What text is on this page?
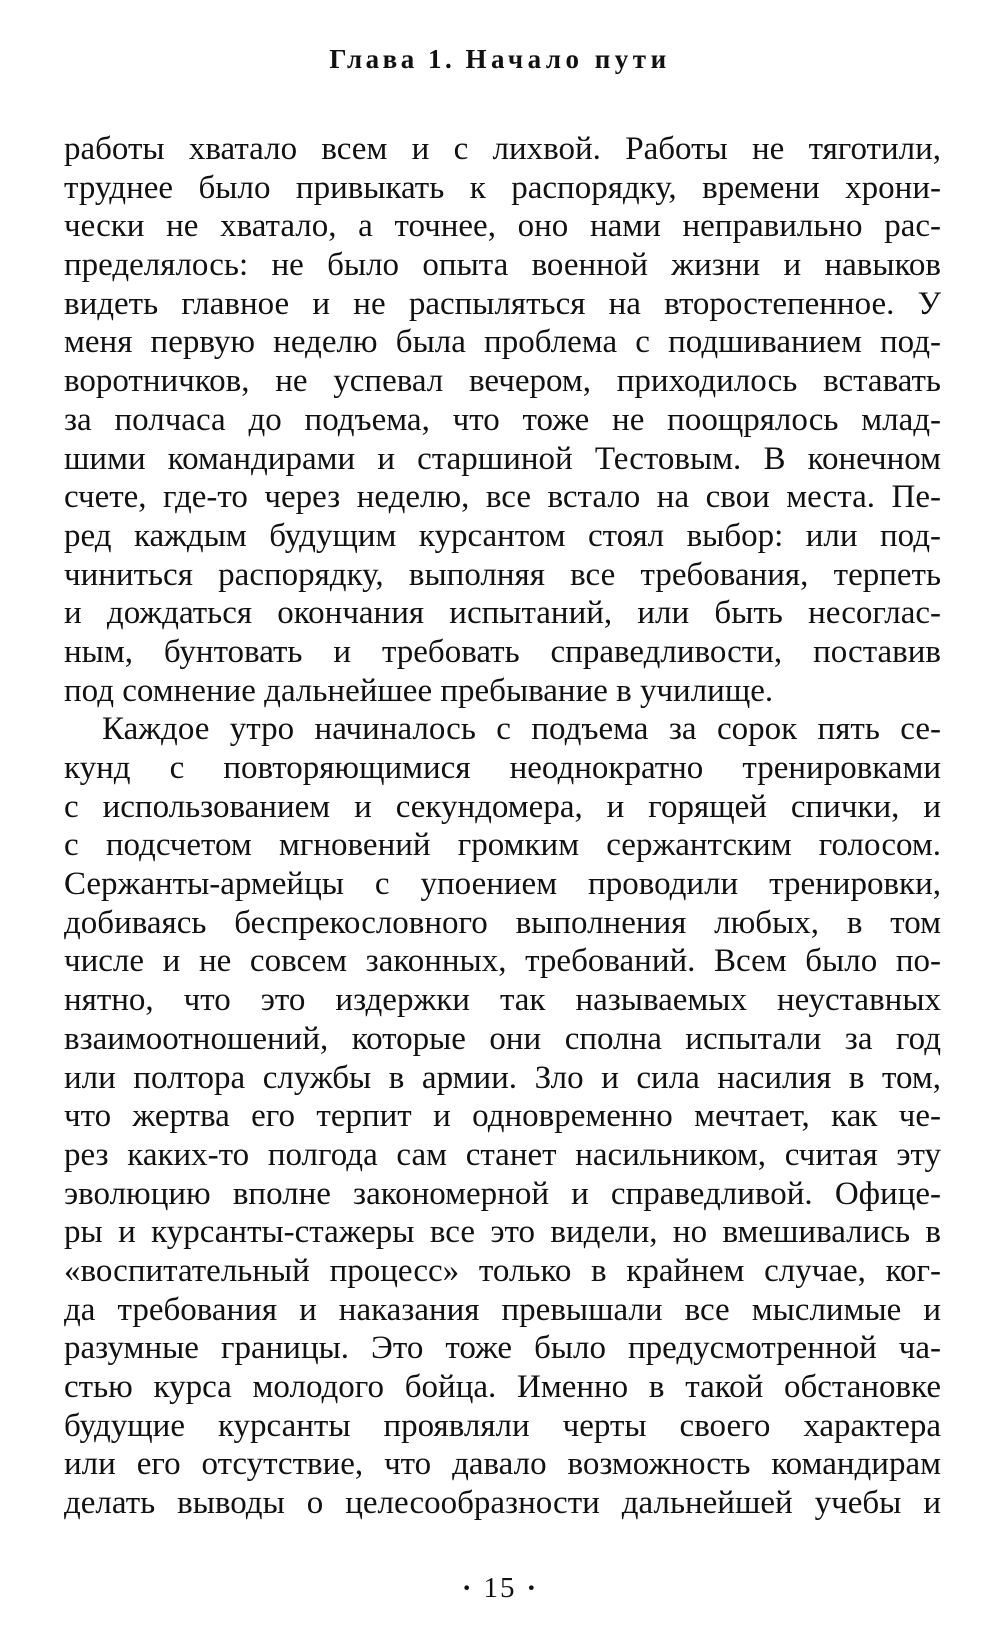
Глава 1. Начало пути
работы хватало всем и с лихвой. Работы не тяготили,
труднее было привыкать к распорядку, времени хрони-
чески не хватало, а точнее, оно нами неправильно рас-
пределялось: не было опыта военной жизни и навыков
видеть главное и не распыляться на второстепенное. У
меня первую неделю была проблема с подшиванием под-
воротничков, не успевал вечером, приходилось вставать
за полчаса до подъема, что тоже не поощрялось млад-
шими командирами и старшиной Тестовым. В конечном
счете, где-то через неделю, все встало на свои места. Пе-
ред каждым будущим курсантом стоял выбор: или под-
чиниться распорядку, выполняя все требования, терпеть
и дождаться окончания испытаний, или быть несоглас-
ным, бунтовать и требовать справедливости, поставив
под сомнение дальнейшее пребывание в училище.
Каждое утро начиналось с подъема за сорок пять се-
кунд с повторяющимися неоднократно тренировками
с использованием и секундомера, и горящей спички, и
с подсчетом мгновений громким сержантским голосом.
Сержанты-армейцы с упоением проводили тренировки,
добиваясь беспрекословного выполнения любых, в том
числе и не совсем законных, требований. Всем было по-
нятно, что это издержки так называемых неуставных
взаимоотношений, которые они сполна испытали за год
или полтора службы в армии. Зло и сила насилия в том,
что жертва его терпит и одновременно мечтает, как че-
рез каких-то полгода сам станет насильником, считая эту
эволюцию вполне закономерной и справедливой. Офице-
ры и курсанты-стажеры все это видели, но вмешивались в
«воспитательный процесс» только в крайнем случае, ког-
да требования и наказания превышали все мыслимые и
разумные границы. Это тоже было предусмотренной ча-
стью курса молодого бойца. Именно в такой обстановке
будущие курсанты проявляли черты своего характера
или его отсутствие, что давало возможность командирам
делать выводы о целесообразности дальнейшей учебы и
· 15 ·
